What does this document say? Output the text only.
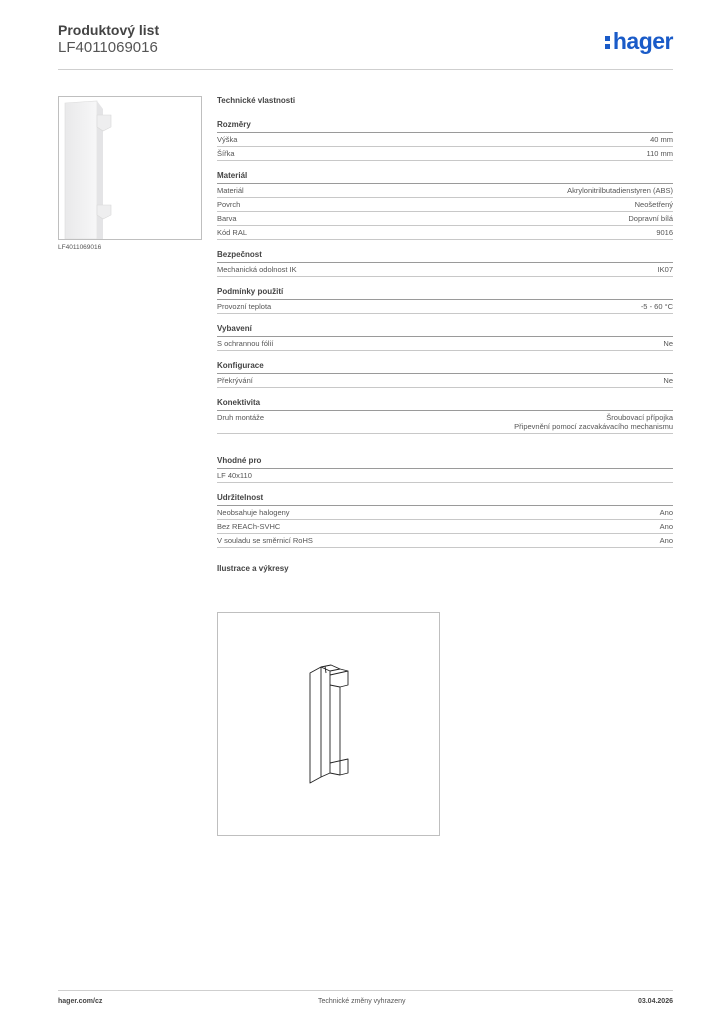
Produktový list
LF4011069016	hager
LF4011069016
Technické vlastnosti
Rozměry
Výška	40 mm
Šířka	110 mm
Materiál
Materiál	Akrylonitrilbutadienstyren (ABS)
Povrch	Neošetřený
Barva	Dopravní bílá
Kód RAL	9016
Bezpečnost
Mechanická odolnost IK	IK07
Podmínky použití
Provozní teplota	-5 - 60 °C
Vybavení
S ochrannou fólií	Ne
Konfigurace
Překrývání	Ne
Konektivita
Druh montáže	Šroubovací přípojka
Připevnění pomocí zacvakávacího mechanismu
Vhodné pro
LF 40x110
Udržitelnost
Neobsahuje halogeny	Ano
Bez REACh-SVHC	Ano
V souladu se směrnicí RoHS	Ano
Ilustrace a výkresy
hager.com/cz	Technické změny vyhrazeny	03.04.2026
